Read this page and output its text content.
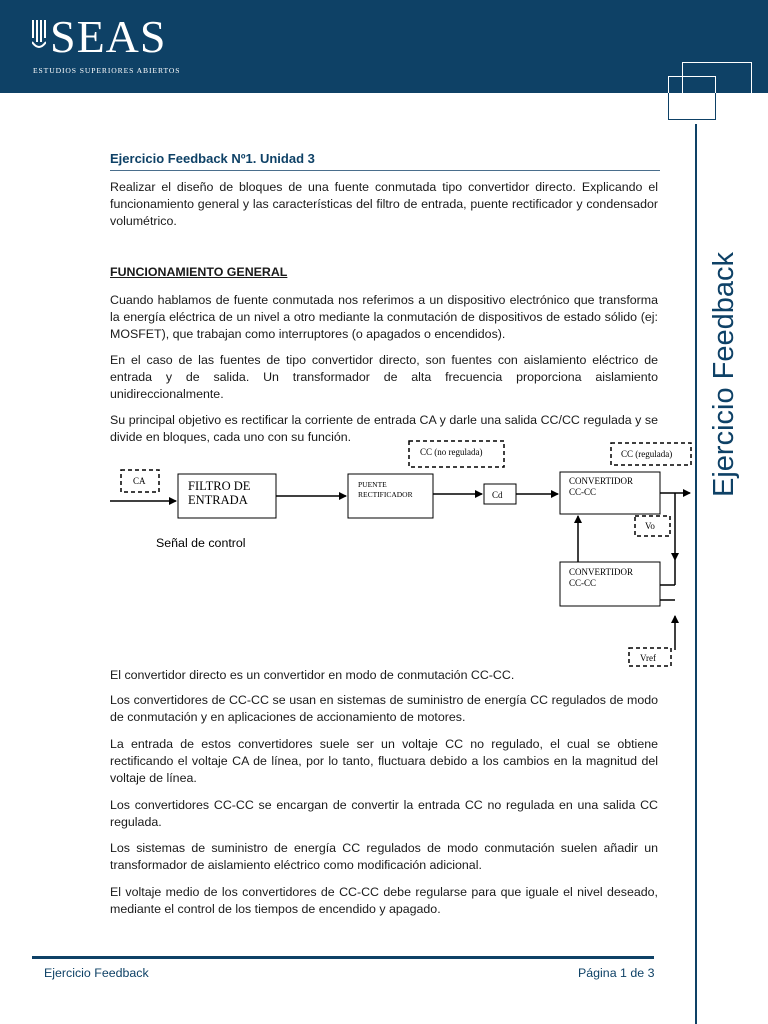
SEAS
ESTUDIOS SUPERIORES ABIERTOS
Ejercicio Feedback
Ejercicio Feedback Nº1. Unidad 3

Realizar el diseño de bloques de una fuente conmutada tipo convertidor directo. Explicando el funcionamiento general y las características del filtro de entrada, puente rectificador y condensador volumétrico.

FUNCIONAMIENTO GENERAL

Cuando hablamos de fuente conmutada nos referimos a un dispositivo electrónico que transforma la energía eléctrica de un nivel a otro mediante la conmutación de dispositivos de estado sólido (ej: MOSFET), que trabajan como interruptores (o apagados o encendidos).

En el caso de las fuentes de tipo convertidor directo, son fuentes con aislamiento eléctrico de entrada y de salida. Un transformador de alta frecuencia proporciona aislamiento unidireccionalmente.

Su principal objetivo es rectificar la corriente de entrada CA y darle una salida CC/CC regulada y se divide en bloques, cada uno con su función.

CA	FILTRO DE
ENTRADA
CC (no regulada)
PUENTE
RECTIFICADOR	Cd
CC (regulada)
CONVERTIDOR
CC-CC
Vo
CONVERTIDOR
CC-CC
Vref
Señal de control

El convertidor directo es un convertidor en modo de conmutación CC-CC.

Los convertidores de CC-CC se usan en sistemas de suministro de energía CC regulados de modo de conmutación y en aplicaciones de accionamiento de motores.

La entrada de estos convertidores suele ser un voltaje CC no regulado, el cual se obtiene rectificando el voltaje CA de línea, por lo tanto, fluctuara debido a los cambios en la magnitud del voltaje de línea.

Los convertidores CC-CC se encargan de convertir la entrada CC no regulada en una salida CC regulada.

Los sistemas de suministro de energía CC regulados de modo conmutación suelen añadir un transformador de aislamiento eléctrico como modificación adicional.

El voltaje medio de los convertidores de CC-CC debe regularse para que iguale el nivel deseado, mediante el control de los tiempos de encendido y apagado.

Ejercicio Feedback	Página 1 de 3
